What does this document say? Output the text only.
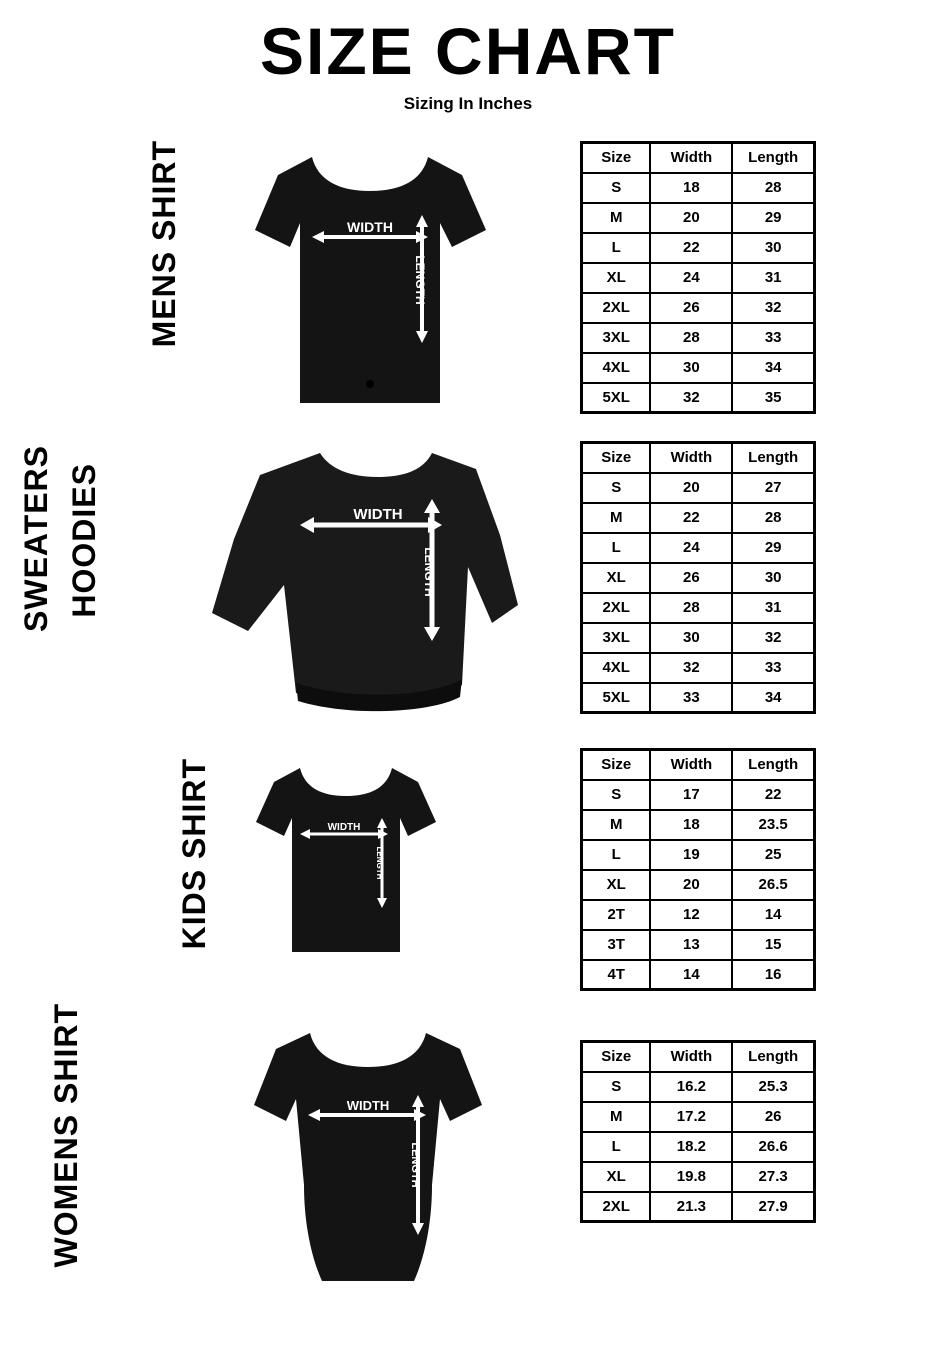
SIZE CHART
Sizing In Inches
MENS SHIRT	WIDTH
LENGTH
Size	Width	Length
S	18	28
M	20	29
L	22	30
XL	24	31
2XL	26	32
3XL	28	33
4XL	30	34
5XL	32	35
SWEATERS HOODIES	WIDTH
LENGTH
Size	Width	Length
S	20	27
M	22	28
L	24	29
XL	26	30
2XL	28	31
3XL	30	32
4XL	32	33
5XL	33	34
KIDS SHIRT	WIDTH
LENGTH
Size	Width	Length
S	17	22
M	18	23.5
L	19	25
XL	20	26.5
2T	12	14
3T	13	15
4T	14	16
WOMENS SHIRT	WIDTH
LENGTH
Size	Width	Length
S	16.2	25.3
M	17.2	26
L	18.2	26.6
XL	19.8	27.3
2XL	21.3	27.9
